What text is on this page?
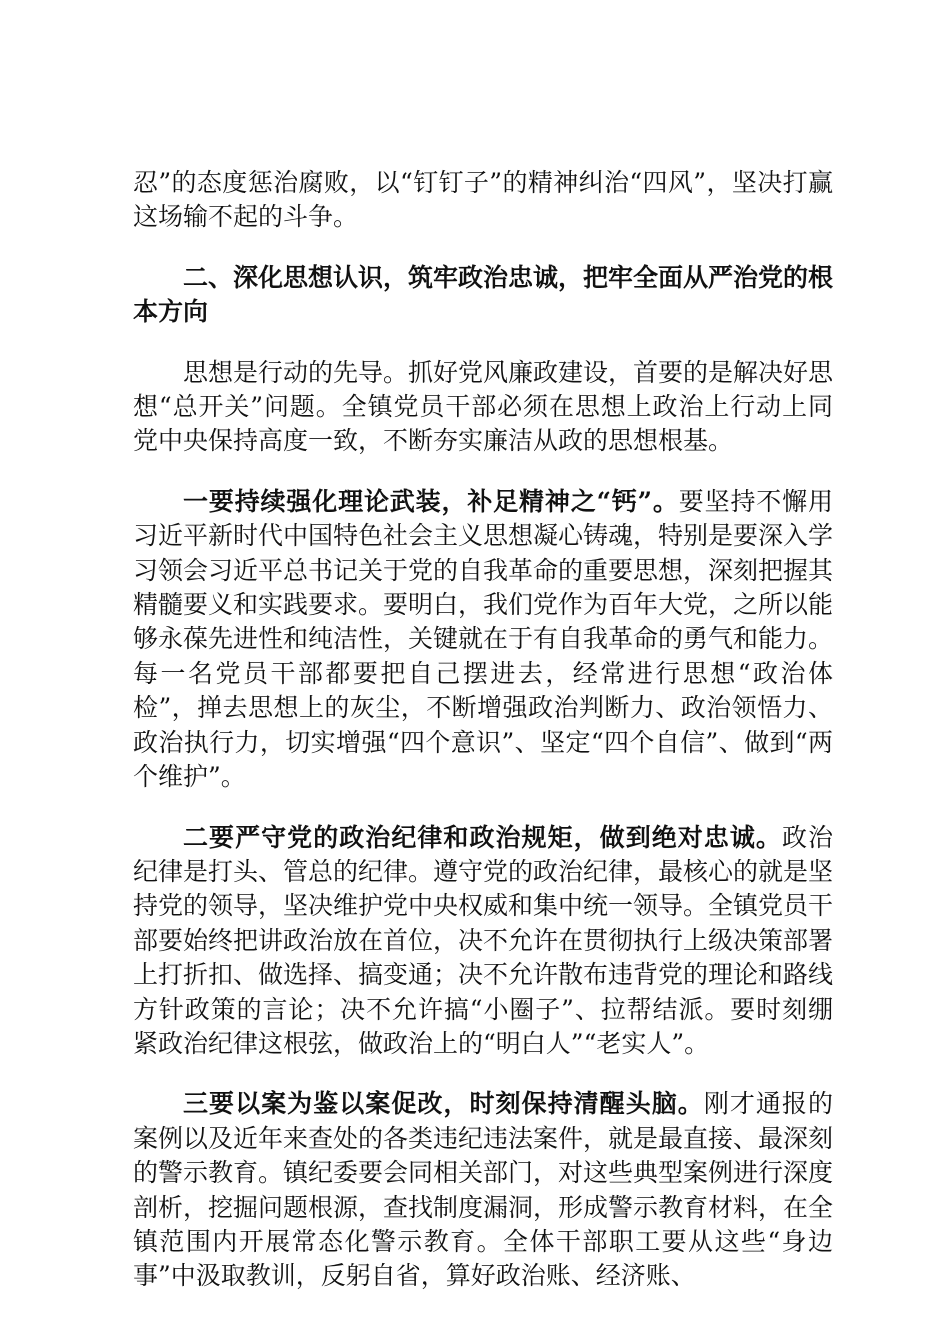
忍”的态度惩治腐败，以“钉钉子”的精神纠治“四风”，坚决打赢这场输不起的斗争。

二、深化思想认识，筑牢政治忠诚，把牢全面从严治党的根本方向

思想是行动的先导。抓好党风廉政建设，首要的是解决好思想“总开关”问题。全镇党员干部必须在思想上政治上行动上同党中央保持高度一致，不断夯实廉洁从政的思想根基。

一要持续强化理论武装，补足精神之“钙”。要坚持不懈用习近平新时代中国特色社会主义思想凝心铸魂，特别是要深入学习领会习近平总书记关于党的自我革命的重要思想，深刻把握其精髓要义和实践要求。要明白，我们党作为百年大党，之所以能够永葆先进性和纯洁性，关键就在于有自我革命的勇气和能力。每一名党员干部都要把自己摆进去，经常进行思想“政治体检”，掸去思想上的灰尘，不断增强政治判断力、政治领悟力、政治执行力，切实增强“四个意识”、坚定“四个自信”、做到“两个维护”。

二要严守党的政治纪律和政治规矩，做到绝对忠诚。政治纪律是打头、管总的纪律。遵守党的政治纪律，最核心的就是坚持党的领导，坚决维护党中央权威和集中统一领导。全镇党员干部要始终把讲政治放在首位，决不允许在贯彻执行上级决策部署上打折扣、做选择、搞变通；决不允许散布违背党的理论和路线方针政策的言论；决不允许搞“小圈子”、拉帮结派。要时刻绷紧政治纪律这根弦，做政治上的“明白人”“老实人”。

三要以案为鉴以案促改，时刻保持清醒头脑。刚才通报的案例以及近年来查处的各类违纪违法案件，就是最直接、最深刻的警示教育。镇纪委要会同相关部门，对这些典型案例进行深度剖析，挖掘问题根源，查找制度漏洞，形成警示教育材料，在全镇范围内开展常态化警示教育。全体干部职工要从这些“身边事”中汲取教训，反躬自省，算好政治账、经济账、
